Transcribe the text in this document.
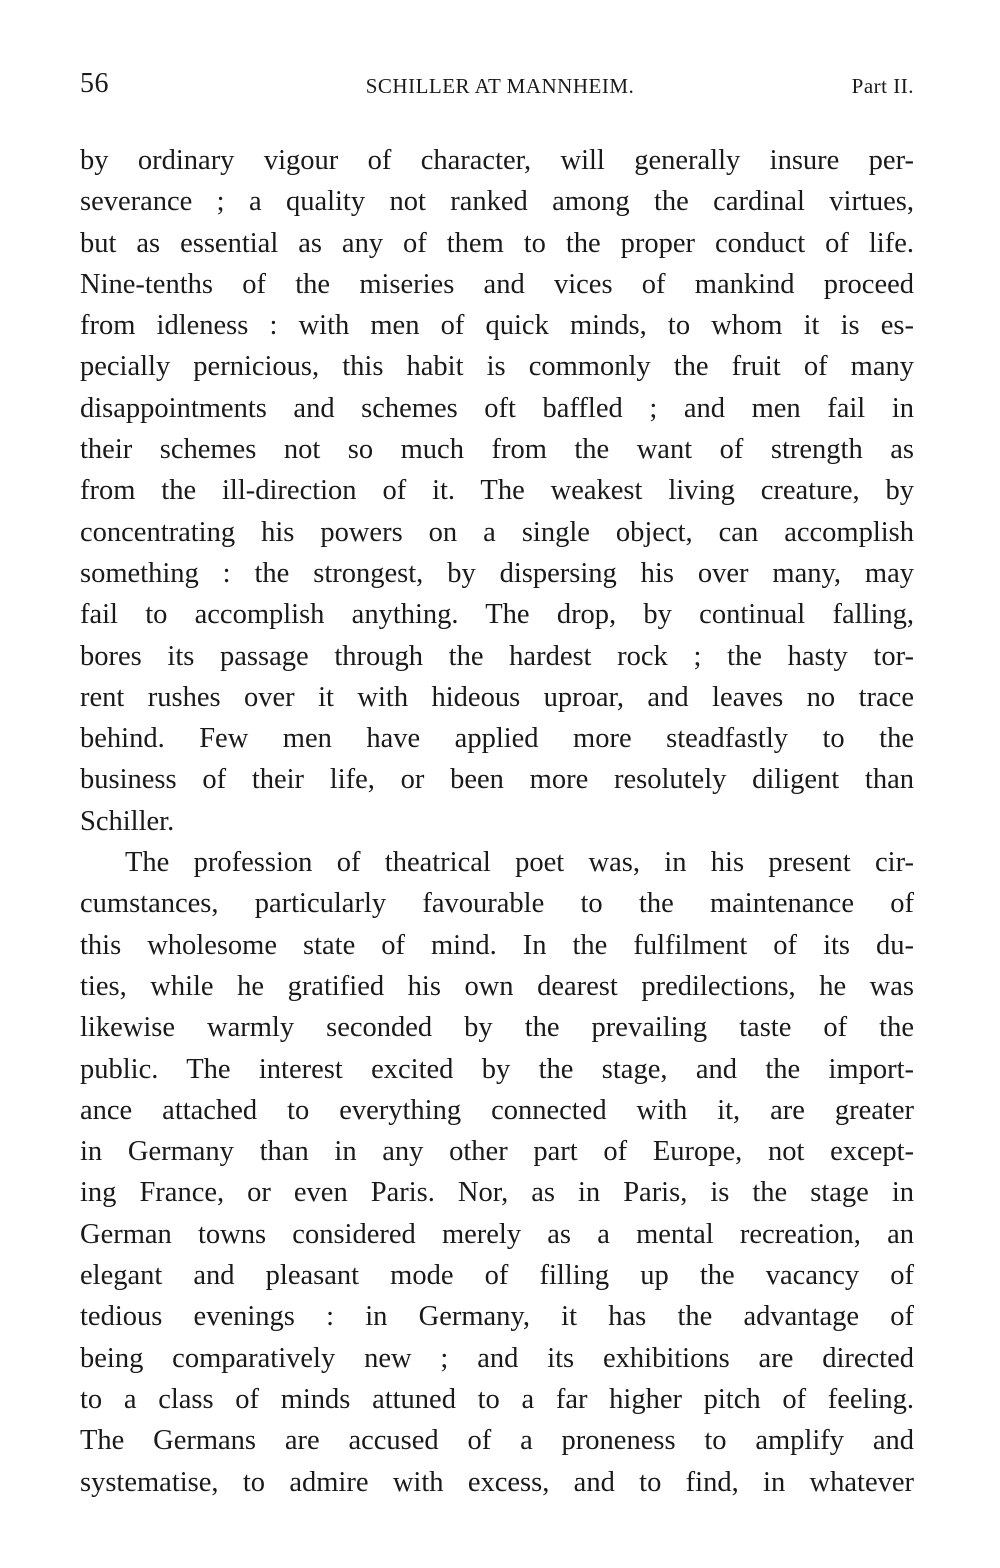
56	SCHILLER AT MANNHEIM.	Part II.
by ordinary vigour of character, will generally insure per-
severance ; a quality not ranked among the cardinal virtues,
but as essential as any of them to the proper conduct of life.
Nine-tenths of the miseries and vices of mankind proceed
from idleness : with men of quick minds, to whom it is es-
pecially pernicious, this habit is commonly the fruit of many
disappointments and schemes oft baffled ; and men fail in
their schemes not so much from the want of strength as
from the ill-direction of it. The weakest living creature, by
concentrating his powers on a single object, can accomplish
something : the strongest, by dispersing his over many, may
fail to accomplish anything. The drop, by continual falling,
bores its passage through the hardest rock ; the hasty tor-
rent rushes over it with hideous uproar, and leaves no trace
behind. Few men have applied more steadfastly to the
business of their life, or been more resolutely diligent than
Schiller.
The profession of theatrical poet was, in his present cir-
cumstances, particularly favourable to the maintenance of
this wholesome state of mind. In the fulfilment of its du-
ties, while he gratified his own dearest predilections, he was
likewise warmly seconded by the prevailing taste of the
public. The interest excited by the stage, and the import-
ance attached to everything connected with it, are greater
in Germany than in any other part of Europe, not except-
ing France, or even Paris. Nor, as in Paris, is the stage in
German towns considered merely as a mental recreation, an
elegant and pleasant mode of filling up the vacancy of
tedious evenings : in Germany, it has the advantage of
being comparatively new ; and its exhibitions are directed
to a class of minds attuned to a far higher pitch of feeling.
The Germans are accused of a proneness to amplify and
systematise, to admire with excess, and to find, in whatever
